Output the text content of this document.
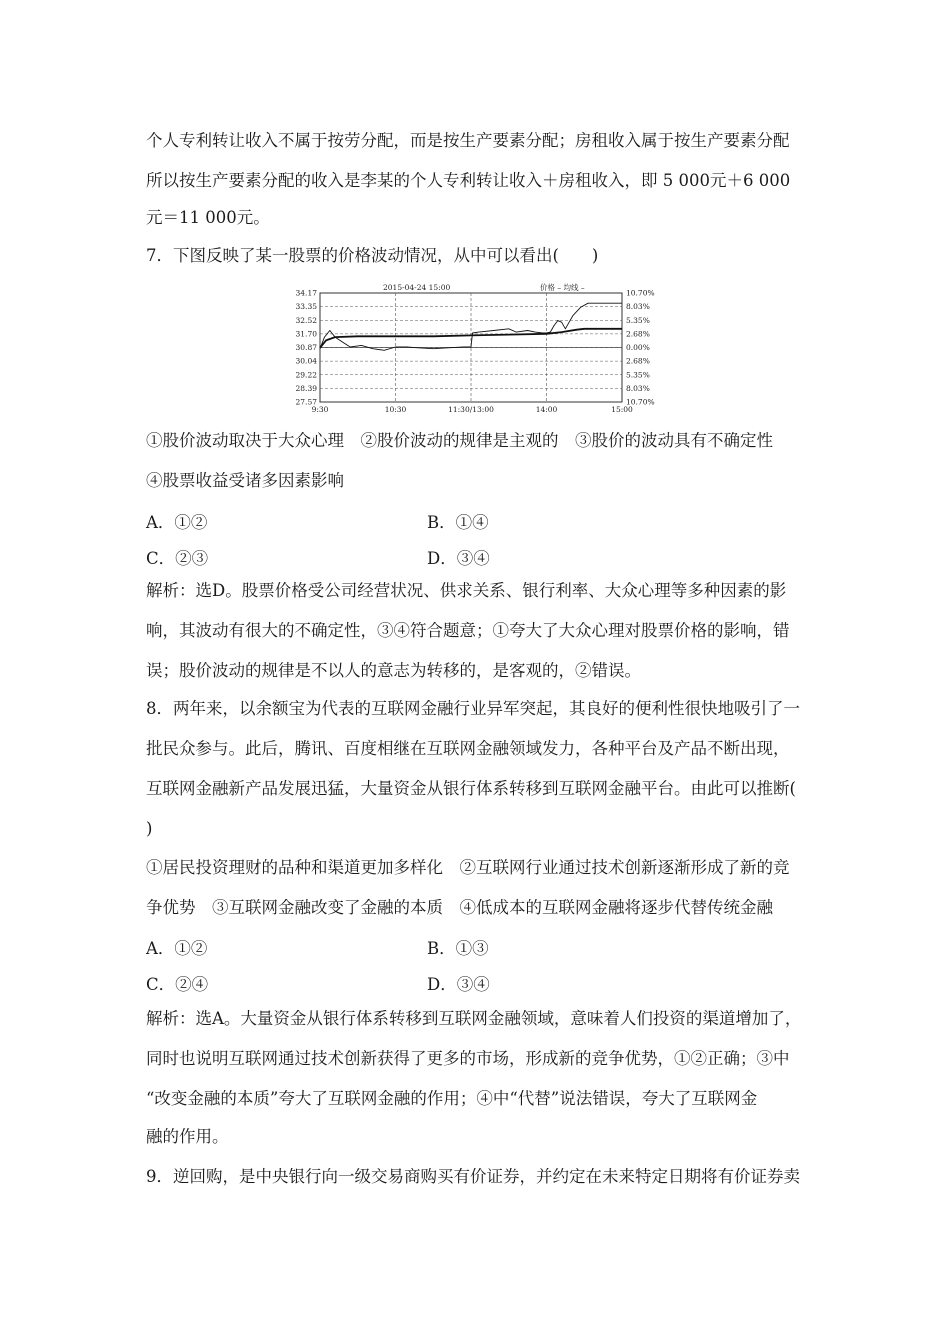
个人专利转让收入不属于按劳分配，而是按生产要素分配；房租收入属于按生产要素分配
所以按生产要素分配的收入是李某的个人专利转让收入＋房租收入，即 5 000元＋6 000
元＝11 000元。
7．下图反映了某一股票的价格波动情况，从中可以看出(　　)
34.17	10.70%
33.35	8.03%
32.52	5.35%
31.70	2.68%
30.87	0.00%
30.04	2.68%
29.22	5.35%
28.39	8.03%
27.57	10.70%
9:30	10:30	11:30/13:00	14:00	15:00
2015-04-24 15:00	价格 – 均线 –
①股价波动取决于大众心理　②股价波动的规律是主观的　③股价的波动具有不确定性
④股票收益受诸多因素影响
A．①②	B．①④
C．②③	D．③④
解析：选D。股票价格受公司经营状况、供求关系、银行利率、大众心理等多种因素的影
响，其波动有很大的不确定性，③④符合题意；①夸大了大众心理对股票价格的影响，错
误；股价波动的规律是不以人的意志为转移的，是客观的，②错误。
8．两年来，以余额宝为代表的互联网金融行业异军突起，其良好的便利性很快地吸引了一
批民众参与。此后，腾讯、百度相继在互联网金融领域发力，各种平台及产品不断出现，
互联网金融新产品发展迅猛，大量资金从银行体系转移到互联网金融平台。由此可以推断(
)
①居民投资理财的品种和渠道更加多样化　②互联网行业通过技术创新逐渐形成了新的竞
争优势　③互联网金融改变了金融的本质　④低成本的互联网金融将逐步代替传统金融
A．①②	B．①③
C．②④	D．③④
解析：选A。大量资金从银行体系转移到互联网金融领域，意味着人们投资的渠道增加了，
同时也说明互联网通过技术创新获得了更多的市场，形成新的竞争优势，①②正确；③中
“改变金融的本质”夸大了互联网金融的作用；④中“代替”说法错误，夸大了互联网金
融的作用。
9．逆回购，是中央银行向一级交易商购买有价证券，并约定在未来特定日期将有价证券卖
